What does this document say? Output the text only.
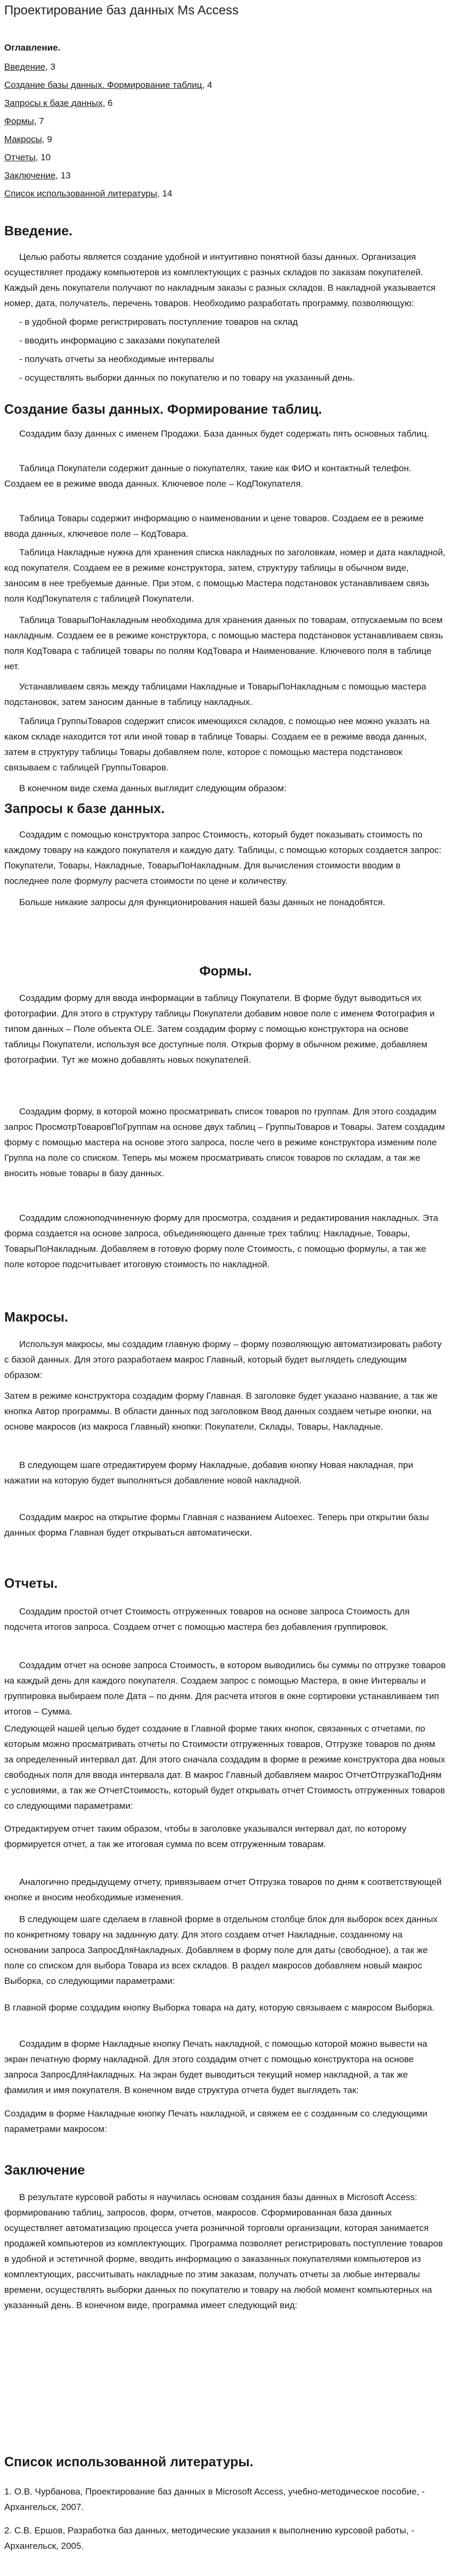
Проектирование баз данных Ms Access
Оглавление.
Введение, 3
Создание базы данных. Формирование таблиц, 4
Запросы к базе данных, 6
Формы, 7
Макросы, 9
Отчеты, 10
Заключение, 13
Список использованной литературы, 14
Введение.

Целью работы является создание удобной и интуитивно понятной базы данных. Организация осуществляет продажу компьютеров из комплектующих с разных складов по заказам покупателей. Каждый день покупатели получают по накладным заказы с разных складов. В накладной указывается номер, дата, получатель, перечень товаров. Необходимо разработать программу, позволяющую:

- в удобной форме регистрировать поступление товаров на склад
- вводить информацию с заказами покупателей
- получать отчеты за необходимые интервалы
- осуществлять выборки данных по покупателю и по товару на указанный день.
Создание базы данных. Формирование таблиц.

Создадим базу данных с именем Продажи. База данных будет содержать пять основных таблиц.

Таблица Покупатели содержит данные о покупателях, такие как ФИО и контактный телефон. Создаем ее в режиме ввода данных. Ключевое поле – КодПокупателя.

Таблица Товары содержит информацию о наименовании и цене товаров. Создаем ее в режиме ввода данных, ключевое поле – КодТовара.

Таблица Накладные нужна для хранения списка накладных по заголовкам, номер и дата накладной, код покупателя. Создаем ее в режиме конструктора, затем, структуру таблицы в обычном виде, заносим в нее требуемые данные. При этом, с помощью Мастера подстановок устанавливаем связь поля КодПокупателя с таблицей Покупатели.

Таблица ТоварыПоНакладным необходима для хранения данных по товарам, отпускаемым по всем накладным. Создаем ее в режиме конструктора, с помощью мастера подстановок устанавливаем связь поля КодТовара с таблицей товары по полям КодТовара и Наименование. Ключевого поля в таблице нет.

Устанавливаем связь между таблицами Накладные и ТоварыПоНакладным с помощью мастера подстановок, затем заносим данные в таблицу накладных.

Таблица ГруппыТоваров содержит список имеющихся складов, с помощью нее можно указать на каком складе находится тот или иной товар в таблице Товары. Создаем ее в режиме ввода данных, затем в структуру таблицы Товары добавляем поле, которое с помощью мастера подстановок связываем с таблицей ГруппыТоваров.

В конечном виде схема данных выглядит следующим образом:

Запросы к базе данных.

Создадим с помощью конструктора запрос Стоимость, который будет показывать стоимость по каждому товару на каждого покупателя и каждую дату. Таблицы, с помощью которых создается запрос: Покупатели, Товары, Накладные, ТоварыПоНакладным. Для вычисления стоимости вводим в последнее поле формулу расчета стоимости по цене и количеству.

Больше никакие запросы для функционирования нашей базы данных не понадобятся.

Формы.

Создадим форму для ввода информации в таблицу Покупатели. В форме будут выводиться их фотографии. Для этого в структуру таблицы Покупатели добавим новое поле с именем Фотография и типом данных – Поле объекта OLE. Затем создадим форму с помощью конструктора на основе таблицы Покупатели, используя все доступные поля. Открыв форму в обычном режиме, добавляем фотографии. Тут же можно добавлять новых покупателей.

Создадим форму, в которой можно просматривать список товаров по группам. Для этого создадим запрос ПросмотрТоваровПоГруппам на основе двух таблиц – ГруппыТоваров и Товары. Затем создадим форму с помощью мастера на основе этого запроса, после чего в режиме конструктора изменим поле Группа на поле со списком. Теперь мы можем просматривать список товаров по складам, а так же вносить новые товары в базу данных.

Создадим сложноподчиненную форму для просмотра, создания и редактирования накладных. Эта форма создается на основе запроса, объединяющего данные трех таблиц: Накладные, Товары, ТоварыПоНакладным. Добавляем в готовую форму поле Стоимость, с помощью формулы, а так же поле которое подсчитывает итоговую стоимость по накладной.

Макросы.

Используя макросы, мы создадим главную форму – форму позволяющую автоматизировать работу с базой данных. Для этого разработаем макрос Главный, который будет выглядеть следующим образом:

Затем в режиме конструктора создадим форму Главная. В заголовке будет указано название, а так же кнопка Автор программы. В области данных под заголовком Ввод данных создаем четыре кнопки, на основе макросов (из макроса Главный) кнопки: Покупатели, Склады, Товары, Накладные.

В следующем шаге отредактируем форму Накладные, добавив кнопку Новая накладная, при нажатии на которую будет выполняться добавление новой накладной.

Создадим макрос на открытие формы Главная с названием Autoexec. Теперь при открытии базы данных форма Главная будет открываться автоматически.

Отчеты.

Создадим простой отчет Стоимость отгруженных товаров на основе запроса Стоимость для подсчета итогов запроса. Создаем отчет с помощью мастера без добавления группировок.

Создадим отчет на основе запроса Стоимость, в котором выводились бы суммы по отгрузке товаров на каждый день для каждого покупателя. Создаем запрос с помощью Мастера, в окне Интервалы и группировка выбираем поле Дата – по дням. Для расчета итогов в окне сортировки устанавливаем тип итогов – Сумма.

Следующей нашей целью будет создание в Главной форме таких кнопок, связанных с отчетами, по которым можно просматривать отчеты по Стоимости отгруженных товаров, Отгрузке товаров по дням за определенный интервал дат. Для этого сначала создадим в форме в режиме конструктора два новых свободных поля для ввода интервала дат. В макрос Главный добавляем макрос ОтчетОтгрузкаПоДням с условиями, а так же ОтчетСтоимость, который будет открывать отчет Стоимость отгруженных товаров со следующими параметрами:

Отредактируем отчет таким образом, чтобы в заголовке указывался интервал дат, по которому формируется отчет, а так же итоговая сумма по всем отгруженным товарам.

Аналогично предыдущему отчету, привязываем отчет Отгрузка товаров по дням к соответствующей кнопке и вносим необходимые изменения.

В следующем шаге сделаем в главной форме в отдельном столбце блок для выборок всех данных по конкретному товару на заданную дату. Для этого создаем отчет Накладные, созданному на основании запроса ЗапросДляНакладных. Добавляем в форму поле для даты (свободное), а так же поле со списком для выбора Товара из всех складов. В раздел макросов добавляем новый макрос Выборка, со следующими параметрами:

В главной форме создадим кнопку Выборка товара на дату, которую связываем с макросом Выборка.

Создадим в форме Накладные кнопку Печать накладной, с помощью которой можно вывести на экран печатную форму накладной. Для этого создадим отчет с помощью конструктора на основе запроса ЗапросДляНакладных. На экран будет выводиться текущий номер накладной, а так же фамилия и имя покупателя. В конечном виде структура отчета будет выглядеть так:

Создадим в форме Накладные кнопку Печать накладной, и свяжем ее с созданным со следующими параметрами макросом:

Заключение

В результате курсовой работы я научилась основам создания базы данных в Microsoft Access: формированию таблиц, запросов, форм, отчетов, макросов. Сформированная база данных осуществляет автоматизацию процесса учета розничной торговли организации, которая занимается продажей компьютеров из комплектующих. Программа позволяет регистрировать поступление товаров в удобной и эстетичной форме, вводить информацию о заказанных покупателями компьютеров из комплектующих, рассчитывать накладные по этим заказам, получать отчеты за любые интервалы времени, осуществлять выборки данных по покупателю и товару на любой момент компьютерных на указанный день. В конечном виде, программа имеет следующий вид:

Список использованной литературы.
1. О.В. Чурбанова, Проектирование баз данных в Microsoft Access, учебно-методическое пособие, - Архангельск, 2007.
2. С.В. Ершов, Разработка баз данных, методические указания к выполнению курсовой работы, - Архангельск, 2005.
